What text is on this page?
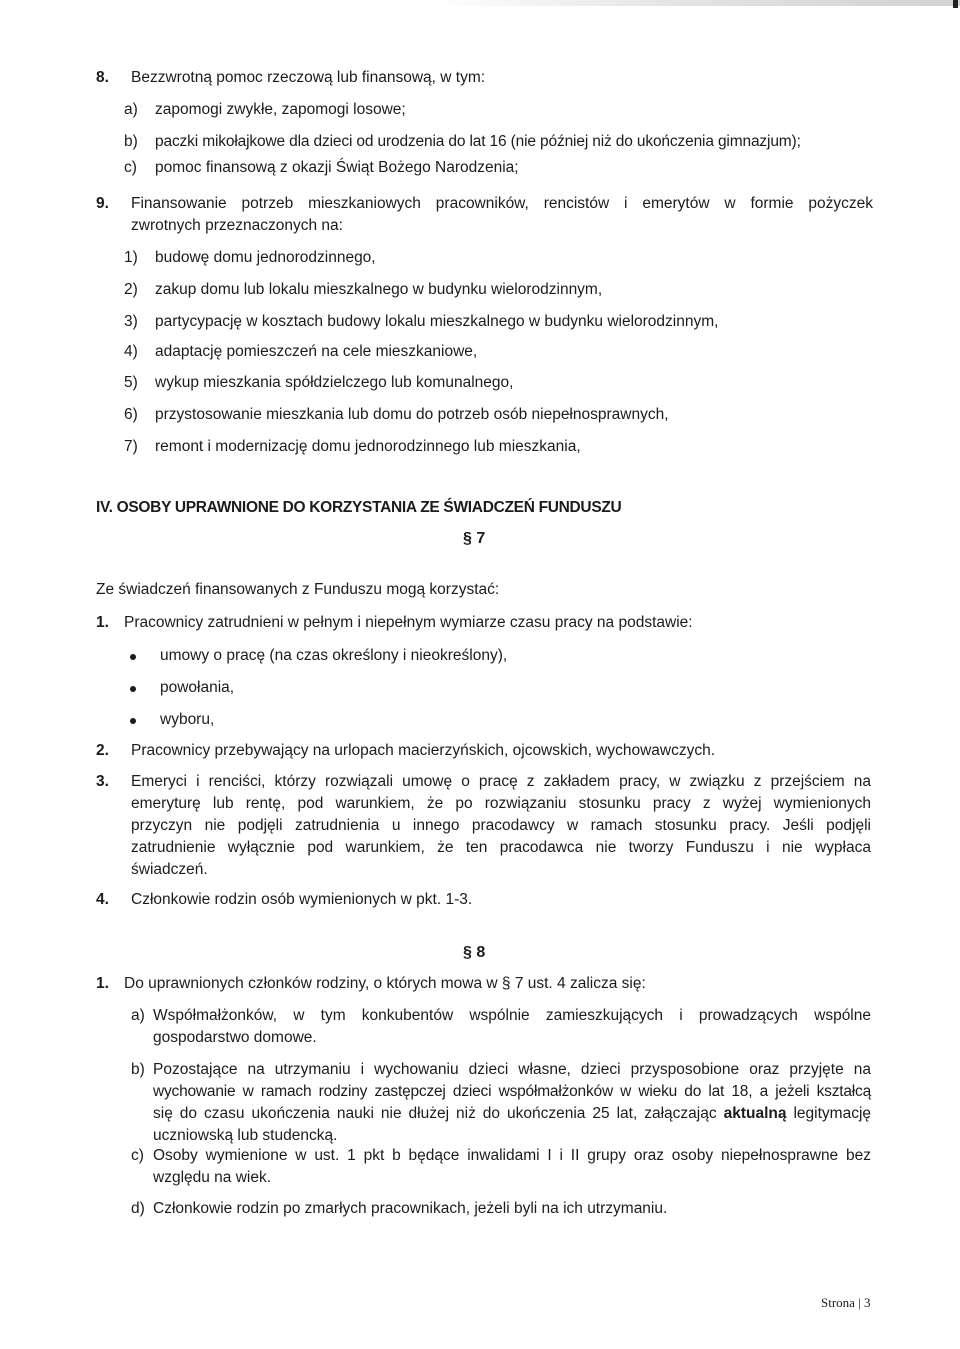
8. Bezzwrotną pomoc rzeczową lub finansową, w tym:
a) zapomogi zwykłe, zapomogi losowe;
b) paczki mikołajkowe dla dzieci od urodzenia do lat 16 (nie później niż do ukończenia gimnazjum);
c) pomoc finansową z okazji Świąt Bożego Narodzenia;
9. Finansowanie potrzeb mieszkaniowych pracowników, rencistów i emerytów w formie pożyczek
zwrotnych przeznaczonych na:
1) budowę domu jednorodzinnego,
2) zakup domu lub lokalu mieszkalnego w budynku wielorodzinnym,
3) partycypację w kosztach budowy lokalu mieszkalnego w budynku wielorodzinnym,
4) adaptację pomieszczeń na cele mieszkaniowe,
5) wykup mieszkania spółdzielczego lub komunalnego,
6) przystosowanie mieszkania lub domu do potrzeb osób niepełnosprawnych,
7) remont i modernizację domu jednorodzinnego lub mieszkania,
IV. OSOBY UPRAWNIONE DO KORZYSTANIA ZE ŚWIADCZEŃ FUNDUSZU
§ 7
Ze świadczeń finansowanych z Funduszu mogą korzystać:
1. Pracownicy zatrudnieni w pełnym i niepełnym wymiarze czasu pracy na podstawie:
umowy o pracę (na czas określony i nieokreślony),
powołania,
wyboru,
2. Pracownicy przebywający na urlopach macierzyńskich, ojcowskich, wychowawczych.
3. Emeryci i renciści, którzy rozwiązali umowę o pracę z zakładem pracy, w związku z przejściem na
emeryturę lub rentę, pod warunkiem, że po rozwiązaniu stosunku pracy z wyżej wymienionych
przyczyn nie podjęli zatrudnienia u innego pracodawcy w ramach stosunku pracy. Jeśli podjęli
zatrudnienie wyłącznie pod warunkiem, że ten pracodawca nie tworzy Funduszu i nie wypłaca
świadczeń.
4. Członkowie rodzin osób wymienionych w pkt. 1-3.
§ 8
1. Do uprawnionych członków rodziny, o których mowa w § 7 ust. 4 zalicza się:
a) Współmałżonków, w tym konkubentów wspólnie zamieszkujących i prowadzących wspólne
gospodarstwo domowe.
b) Pozostające na utrzymaniu i wychowaniu dzieci własne, dzieci przysposobione oraz przyjęte na
wychowanie w ramach rodziny zastępczej dzieci współmałżonków w wieku do lat 18, a jeżeli kształcą
się do czasu ukończenia nauki nie dłużej niż do ukończenia 25 lat, załączając aktualną legitymację
uczniowską lub studencką.
c) Osoby wymienione w ust. 1 pkt b będące inwalidami I i II grupy oraz osoby niepełnosprawne bez
względu na wiek.
d) Członkowie rodzin po zmarłych pracownikach, jeżeli byli na ich utrzymaniu.
Strona | 3
